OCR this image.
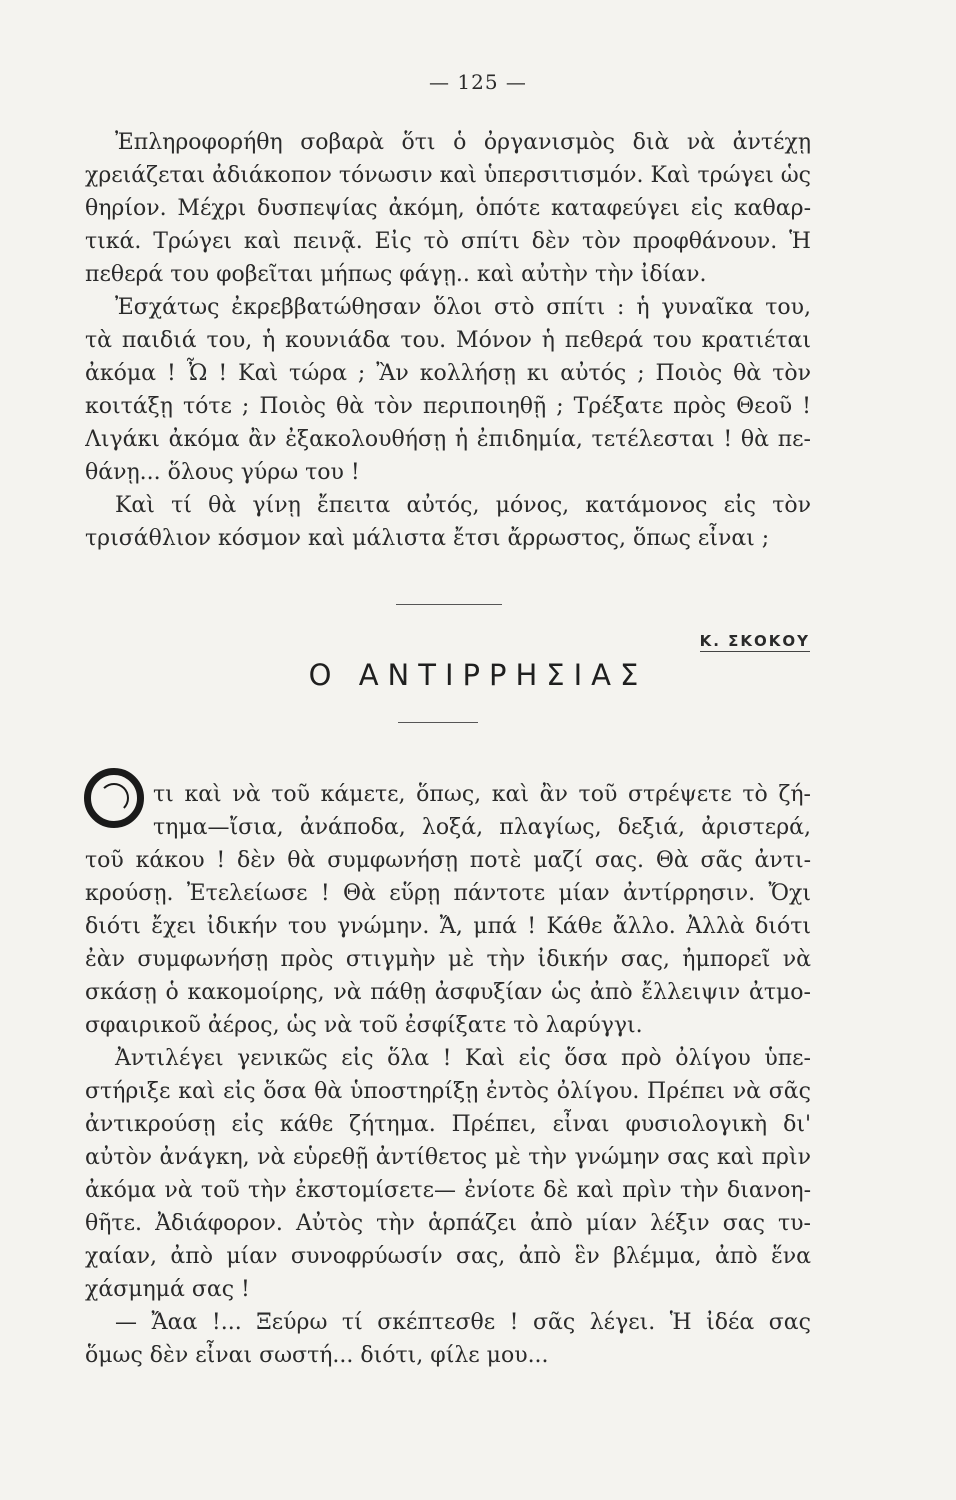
— 125 —
Ἐπληροφορήθη σοβαρὰ ὅτι ὁ ὀργανισμὸς διὰ νὰ ἀντέχῃ
χρειάζεται ἀδιάκοπον τόνωσιν καὶ ὑπερσιτισμόν. Καὶ τρώγει ὡς
θηρίον. Μέχρι δυσπεψίας ἀκόμη, ὁπότε καταφεύγει εἰς καθαρ-
τικά. Τρώγει καὶ πεινᾷ. Εἰς τὸ σπίτι δὲν τὸν προφθάνουν. Ἡ
πεθερά του φοβεῖται μήπως φάγῃ.. καὶ αὐτὴν τὴν ἰδίαν.
Ἐσχάτως ἐκρεββατώθησαν ὅλοι στὸ σπίτι : ἡ γυναῖκα του,
τὰ παιδιά του, ἡ κουνιάδα του. Μόνον ἡ πεθερά του κρατιέται
ἀκόμα ! Ὦ ! Καὶ τώρα ; Ἂν κολλήσῃ κι αὐτός ; Ποιὸς θὰ τὸν
κοιτάξῃ τότε ; Ποιὸς θὰ τὸν περιποιηθῇ ; Τρέξατε πρὸς Θεοῦ !
Λιγάκι ἀκόμα ἂν ἐξακολουθήσῃ ἡ ἐπιδημία, τετέλεσται ! θὰ πε-
θάνῃ... ὅλους γύρω του !
Καὶ τί θὰ γίνῃ ἔπειτα αὐτός, μόνος, κατάμονος εἰς τὸν
τρισάθλιον κόσμον καὶ μάλιστα ἔτσι ἄρρωστος, ὅπως εἶναι ;
Κ. ΣΚΟΚΟΥ
Ο ΑΝΤΙΡΡΗΣΙΑΣ
τι καὶ νὰ τοῦ κάμετε, ὅπως, καὶ ἂν τοῦ στρέψετε τὸ ζή-
τημα—ἴσια, ἀνάποδα, λοξά, πλαγίως, δεξιά, ἀριστερά,
τοῦ κάκου ! δὲν θὰ συμφωνήσῃ ποτὲ μαζί σας. Θὰ σᾶς ἀντι-
κρούσῃ. Ἐτελείωσε ! Θὰ εὕρῃ πάντοτε μίαν ἀντίρρησιν. Ὄχι
διότι ἔχει ἰδικήν του γνώμην. Ἄ, μπά ! Κάθε ἄλλο. Ἀλλὰ διότι
ἐὰν συμφωνήσῃ πρὸς στιγμὴν μὲ τὴν ἰδικήν σας, ἠμπορεῖ νὰ
σκάσῃ ὁ κακομοίρης, νὰ πάθῃ ἀσφυξίαν ὡς ἀπὸ ἔλλειψιν ἀτμο-
σφαιρικοῦ ἀέρος, ὡς νὰ τοῦ ἐσφίξατε τὸ λαρύγγι.
Ἀντιλέγει γενικῶς εἰς ὅλα ! Καὶ εἰς ὅσα πρὸ ὀλίγου ὑπε-
στήριξε καὶ εἰς ὅσα θὰ ὑποστηρίξῃ ἐντὸς ὀλίγου. Πρέπει νὰ σᾶς
ἀντικρούσῃ εἰς κάθε ζήτημα. Πρέπει, εἶναι φυσιολογικὴ δι'
αὐτὸν ἀνάγκη, νὰ εὑρεθῇ ἀντίθετος μὲ τὴν γνώμην σας καὶ πρὶν
ἀκόμα νὰ τοῦ τὴν ἐκστομίσετε— ἐνίοτε δὲ καὶ πρὶν τὴν διανοη-
θῆτε. Ἀδιάφορον. Αὐτὸς τὴν ἁρπάζει ἀπὸ μίαν λέξιν σας τυ-
χαίαν, ἀπὸ μίαν συνοφρύωσίν σας, ἀπὸ ἓν βλέμμα, ἀπὸ ἕνα
χάσμημά σας !
— Ἄαα !... Ξεύρω τί σκέπτεσθε ! σᾶς λέγει. Ἡ ἰδέα σας
ὅμως δὲν εἶναι σωστή... διότι, φίλε μου...
